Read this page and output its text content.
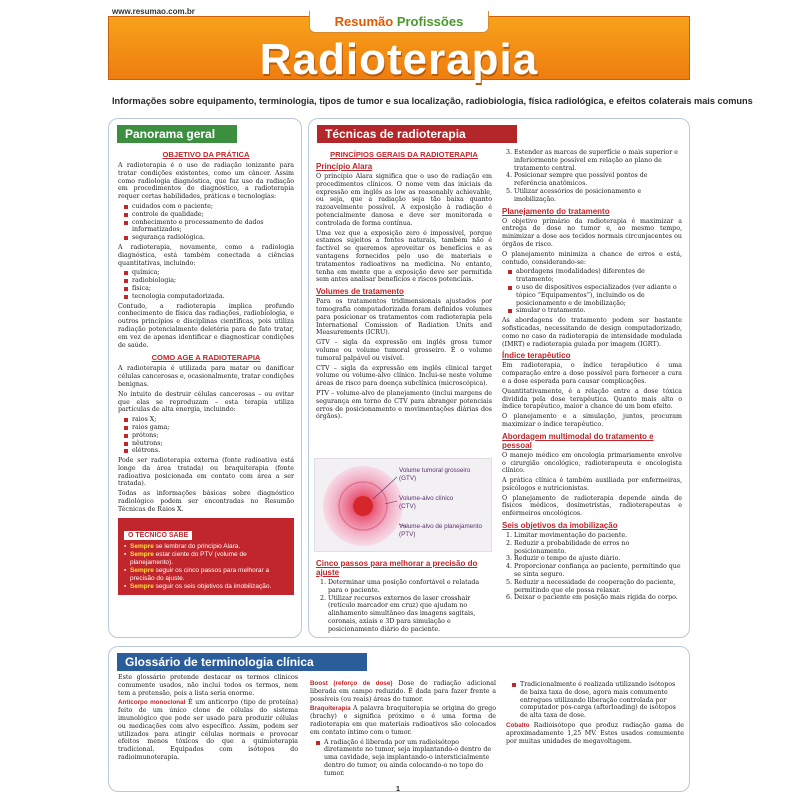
www.resumao.com.br
Resumão Profissões
Radioterapia
Informações sobre equipamento, terminologia, tipos de tumor e sua localização, radiobiologia, física radiológica, e efeitos colaterais mais comuns
Panorama geral
OBJETIVO DA PRÁTICA
A radioterapia é o uso de radiação ionizante para tratar condições existentes, como um câncer. Assim como radiologia diagnóstica, que faz uso da radiação em procedimentos de diagnóstico, a radioterapia requer certas habilidades, práticas e tecnologias:
cuidados com o paciente;
controle de qualidade;
conhecimento e processamento de dados informatizados;
segurança radiológica.
A radioterapia, novamente, como a radiologia diagnóstica, está também conectada a ciências quantitativas, incluindo:
química;
radiobiologia;
física;
tecnologia computadorizada.
Contudo, a radioterapia implica profundo conhecimento de física das radiações, radiobiologia, e outros princípios e disciplinas científicas, pois utiliza radiação potencialmente deletéria para de fato tratar, em vez de apenas identificar e diagnosticar condições de saúde.
COMO AGE A RADIOTERAPIA
A radioterapia é utilizada para matar ou danificar células cancerosas e, ocasionalmente, tratar condições benignas.
No intuito de destruir células cancerosas – ou evitar que elas se reproduzam – esta terapia utiliza partículas de alta energia, incluindo:
raios X;
raios gama;
prótons;
nêutrons;
elétrons.
Pode ser radioterapia externa (fonte radioativa está longe da área tratada) ou braquiterapia (fonte radioativa posicionada em contato com área a ser tratada).
Todas as informações básicas sobre diagnóstico radiológico podem ser encontradas no Resumão Técnicas de Raios X.
O TÉCNICO SABE
▪ Sempre se lembrar do princípio Alara.
▪ Sempre estar ciente do PTV (volume de planejamento).
▪ Sempre seguir os cinco passos para melhorar a precisão do ajuste.
▪ Sempre seguir os seis objetivos da imobilização.
Técnicas de radioterapia
PRINCÍPIOS GERAIS DA RADIOTERAPIA
Princípio Alara
O princípio Alara significa que o uso de radiação em procedimentos clínicos. O nome vem das iniciais da expressão em inglês as low as reasonably achievable, ou seja, que a radiação seja tão baixa quanto razoavelmente possível. A exposição à radiação é potencialmente danosa e deve ser monitorada e controlada de forma contínua.
Uma vez que a exposição zero é impossível, porque estamos sujeitos a fontes naturais, também não é factível se queremos aproveitar os benefícios e as vantagens fornecidos pelo uso de materiais e tratamentos radioativos na medicina. No entanto, tenha em mente que a exposição deve ser permitida sem antes analisar benefícios e riscos potenciais.
Volumes de tratamento
Para os tratamentos tridimensionais ajustados por tomografia computadorizada foram definidos volumes para posicionar os tratamentos com radioterapia pela International Comission of Radiation Units and Measurements (ICRU).
GTV – sigla da expressão em inglês gross tumor volume ou volume tumoral grosseiro. É o volume tumoral palpável ou visível.
CTV – sigla da expressão em inglês clinical target volume ou volume-alvo clínico. Inclui-se neste volume áreas de risco para doença subclínica (microscópica).
PTV – volume-alvo de planejamento (inclui margens de segurança em torno do CTV para abranger potenciais erros de posicionamento e movimentações diárias dos órgãos).
Volume tumoral grosseiro (GTV)
Volume-alvo clínico (CTV)
Volume-alvo de planejamento (PTV)
Cinco passos para melhorar a precisão do ajuste
1. Determinar uma posição confortável e relatada para o paciente.
2. Utilizar recursos externos de laser crosshair (retículo marcador em cruz) que ajudam no alinhamento simultâneo das imagens sagitais, coronais, axiais e 3D para simulação e posicionamento diário do paciente.
3. Estender as marcas de superfície o mais superior e inferiormente possível em relação ao plano de tratamento central.
4. Posicionar sempre que possível pontos de referência anatômicos.
5. Utilizar acessórios de posicionamento e imobilização.
Planejamento do tratamento
O objetivo primário da radioterapia é maximizar a entrega de dose no tumor e, ao mesmo tempo, minimizar a dose aos tecidos normais circunjacentes ou órgãos de risco.
O planejamento minimiza a chance de erros e está, contudo, considerando-se:
abordagens (modalidades) diferentes de tratamento;
o uso de dispositivos especializados (ver adiante o tópico “Equipamentos”), incluindo os de posicionamento e de imobilização;
simular o tratamento.
As abordagens do tratamento podem ser bastante sofisticadas, necessitando de design computadorizado, como no caso da radioterapia de intensidade modulada (IMRT) e radioterapia guiada por imagem (IGRT).
Índice terapêutico
Em radioterapia, o índice terapêutico é uma comparação entre a dose possível para fornecer a cura e a dose esperada para causar complicações.
Quantitativamente, é a relação entre a dose tóxica dividida pela dose terapêutica. Quanto mais alto o índice terapêutico, maior a chance de um bom efeito.
O planejamento e a simulação, juntos, procuram maximizar o índice terapêutico.
Abordagem multimodal do tratamento e pessoal
O manejo médico em oncologia primariamente envolve o cirurgião oncológico, radioterapeuta e oncologista clínico.
A prática clínica é também auxiliada por enfermeiras, psicólogos e nutricionistas.
O planejamento de radioterapia depende ainda de físicos médicos, dosimetristas, radioterapeutas e enfermeiros oncológicos.
Seis objetivos da imobilização
1. Limitar movimentação do paciente.
2. Reduzir a probabilidade de erros no posicionamento.
3. Reduzir o tempo de ajuste diário.
4. Proporcionar confiança ao paciente, permitindo que se sinta seguro.
5. Reduzir a necessidade de cooperação do paciente, permitindo que ele possa relaxar.
6. Deixar o paciente em posição mais rígida do corpo.
Glossário de terminologia clínica
Este glossário pretende destacar os termos clínicos comumente usados, não inclui todos os termos, nem tem a pretensão, pois a lista seria enorme.
Anticorpo monoclonal É um anticorpo (tipo de proteína) feito de um único clone de células do sistema imunológico que pode ser usado para produzir células ou medicações com alvo específico. Assim, podem ser utilizados para atingir células normais e provocar efeitos menos tóxicos do que a quimioterapia tradicional. Equipados com isótopos do radioimunoterapia.
Boost (reforço de dose) Dose de radiação adicional liberada em campo reduzido. É dada para fazer frente a possíveis (ou reais) áreas do tumor.
Braquiterapia A palavra braquiterapia se origina do grego (brachy) e significa próximo e é uma forma de radioterapia em que materiais radioativos são colocados em contato íntimo com o tumor.
A radiação é liberada por um radioisótopo diretamente no tumor, seja implantando-o dentro de uma cavidade, seja implantando-o intersticialmente dentro do tumor, ou ainda colocando-o no topo do tumor.
Tradicionalmente é realizada utilizando isótopos de baixa taxa de dose, agora mais comumente entregues utilizando liberação controlada por computador pós-carga (afterloading) de isótopos de alta taxa de dose.
Cobalto Radioisótopo que produz radiação gama de aproximadamente 1,25 MV. Estes usados comumente por muitas unidades de megavoltagem.
1
